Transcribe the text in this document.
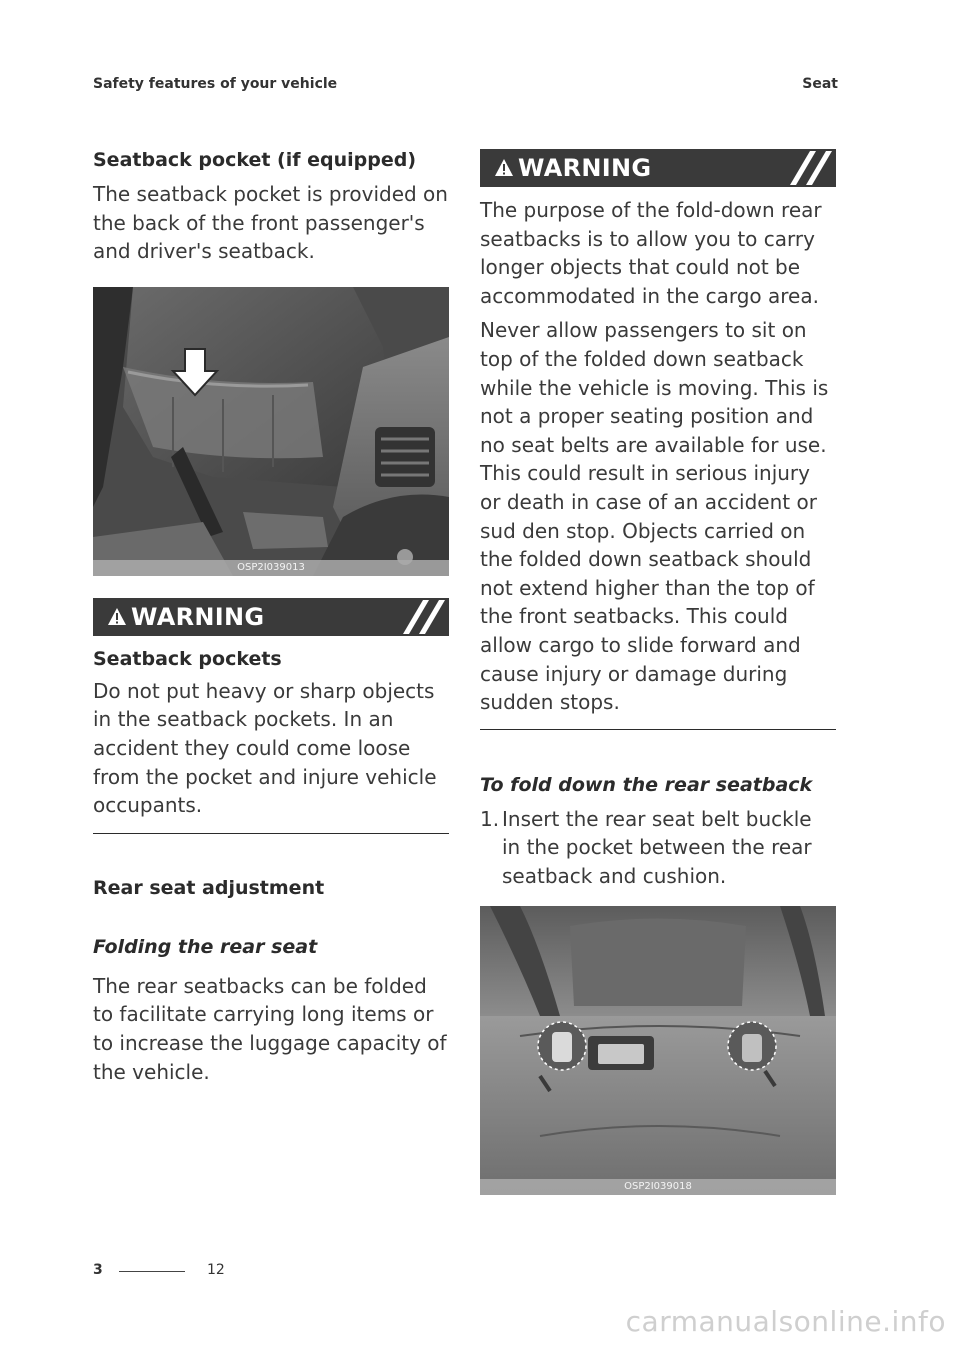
Safety features of your vehicle	Seat
Seatback pocket (if equipped)
The seatback pocket is provided on the back of the front passenger's and driver's seatback.
OSP2I039013
WARNING
Seatback pockets
Do not put heavy or sharp objects in the seatback pockets. In an accident they could come loose from the pocket and injure vehicle occupants.
Rear seat adjustment
Folding the rear seat
The rear seatbacks can be folded to facilitate carrying long items or to increase the luggage capacity of the vehicle.
WARNING
The purpose of the fold-down rear seatbacks is to allow you to carry longer objects that could not be accommodated in the cargo area.
Never allow passengers to sit on top of the folded down seatback while the vehicle is moving. This is not a proper seating position and no seat belts are available for use. This could result in serious injury or death in case of an accident or sud den stop. Objects carried on the folded down seatback should not extend higher than the top of the front seatbacks. This could allow cargo to slide forward and cause injury or damage during sudden stops.
To fold down the rear seatback
1. Insert the rear seat belt buckle in the pocket between the rear seatback and cushion.
OSP2I039018
3	12
carmanualsonline.info
